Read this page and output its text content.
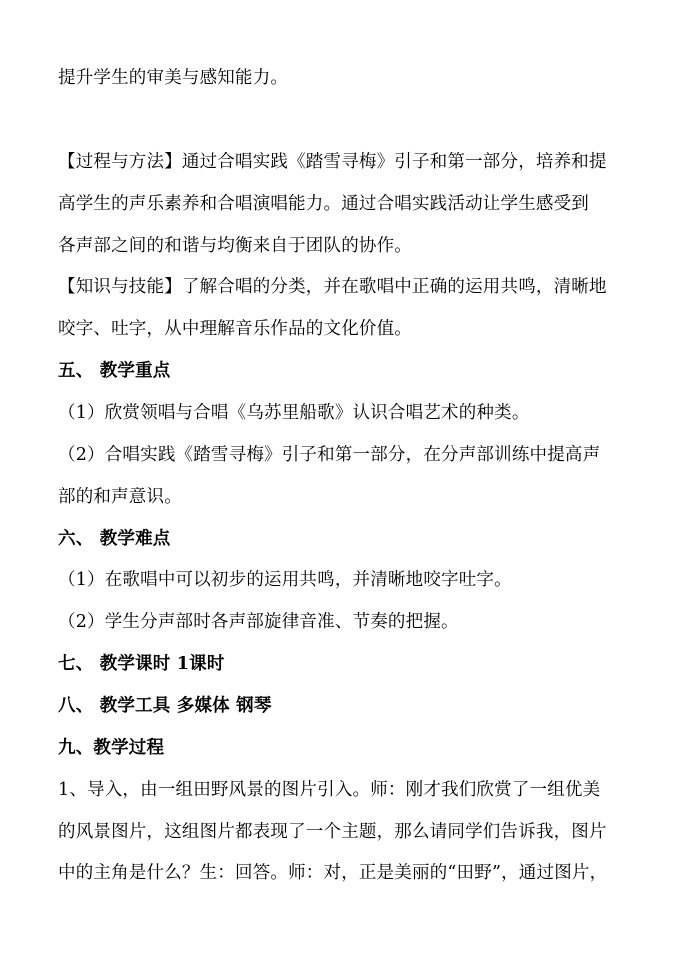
提升学生的审美与感知能力。
【过程与方法】通过合唱实践《踏雪寻梅》引子和第一部分，培养和提
高学生的声乐素养和合唱演唱能力。通过合唱实践活动让学生感受到
各声部之间的和谐与均衡来自于团队的协作。
【知识与技能】了解合唱的分类，并在歌唱中正确的运用共鸣，清晰地
咬字、吐字，从中理解音乐作品的文化价值。
五、 教学重点
（1）欣赏领唱与合唱《乌苏里船歌》认识合唱艺术的种类。
（2）合唱实践《踏雪寻梅》引子和第一部分，在分声部训练中提高声
部的和声意识。
六、 教学难点
（1）在歌唱中可以初步的运用共鸣，并清晰地咬字吐字。
（2）学生分声部时各声部旋律音准、节奏的把握。
七、 教学课时 1课时
八、 教学工具 多媒体 钢琴
九、教学过程
1、导入，由一组田野风景的图片引入。师：刚才我们欣赏了一组优美
的风景图片，这组图片都表现了一个主题，那么请同学们告诉我，图片
中的主角是什么？生：回答。师：对，正是美丽的“田野”，通过图片，
